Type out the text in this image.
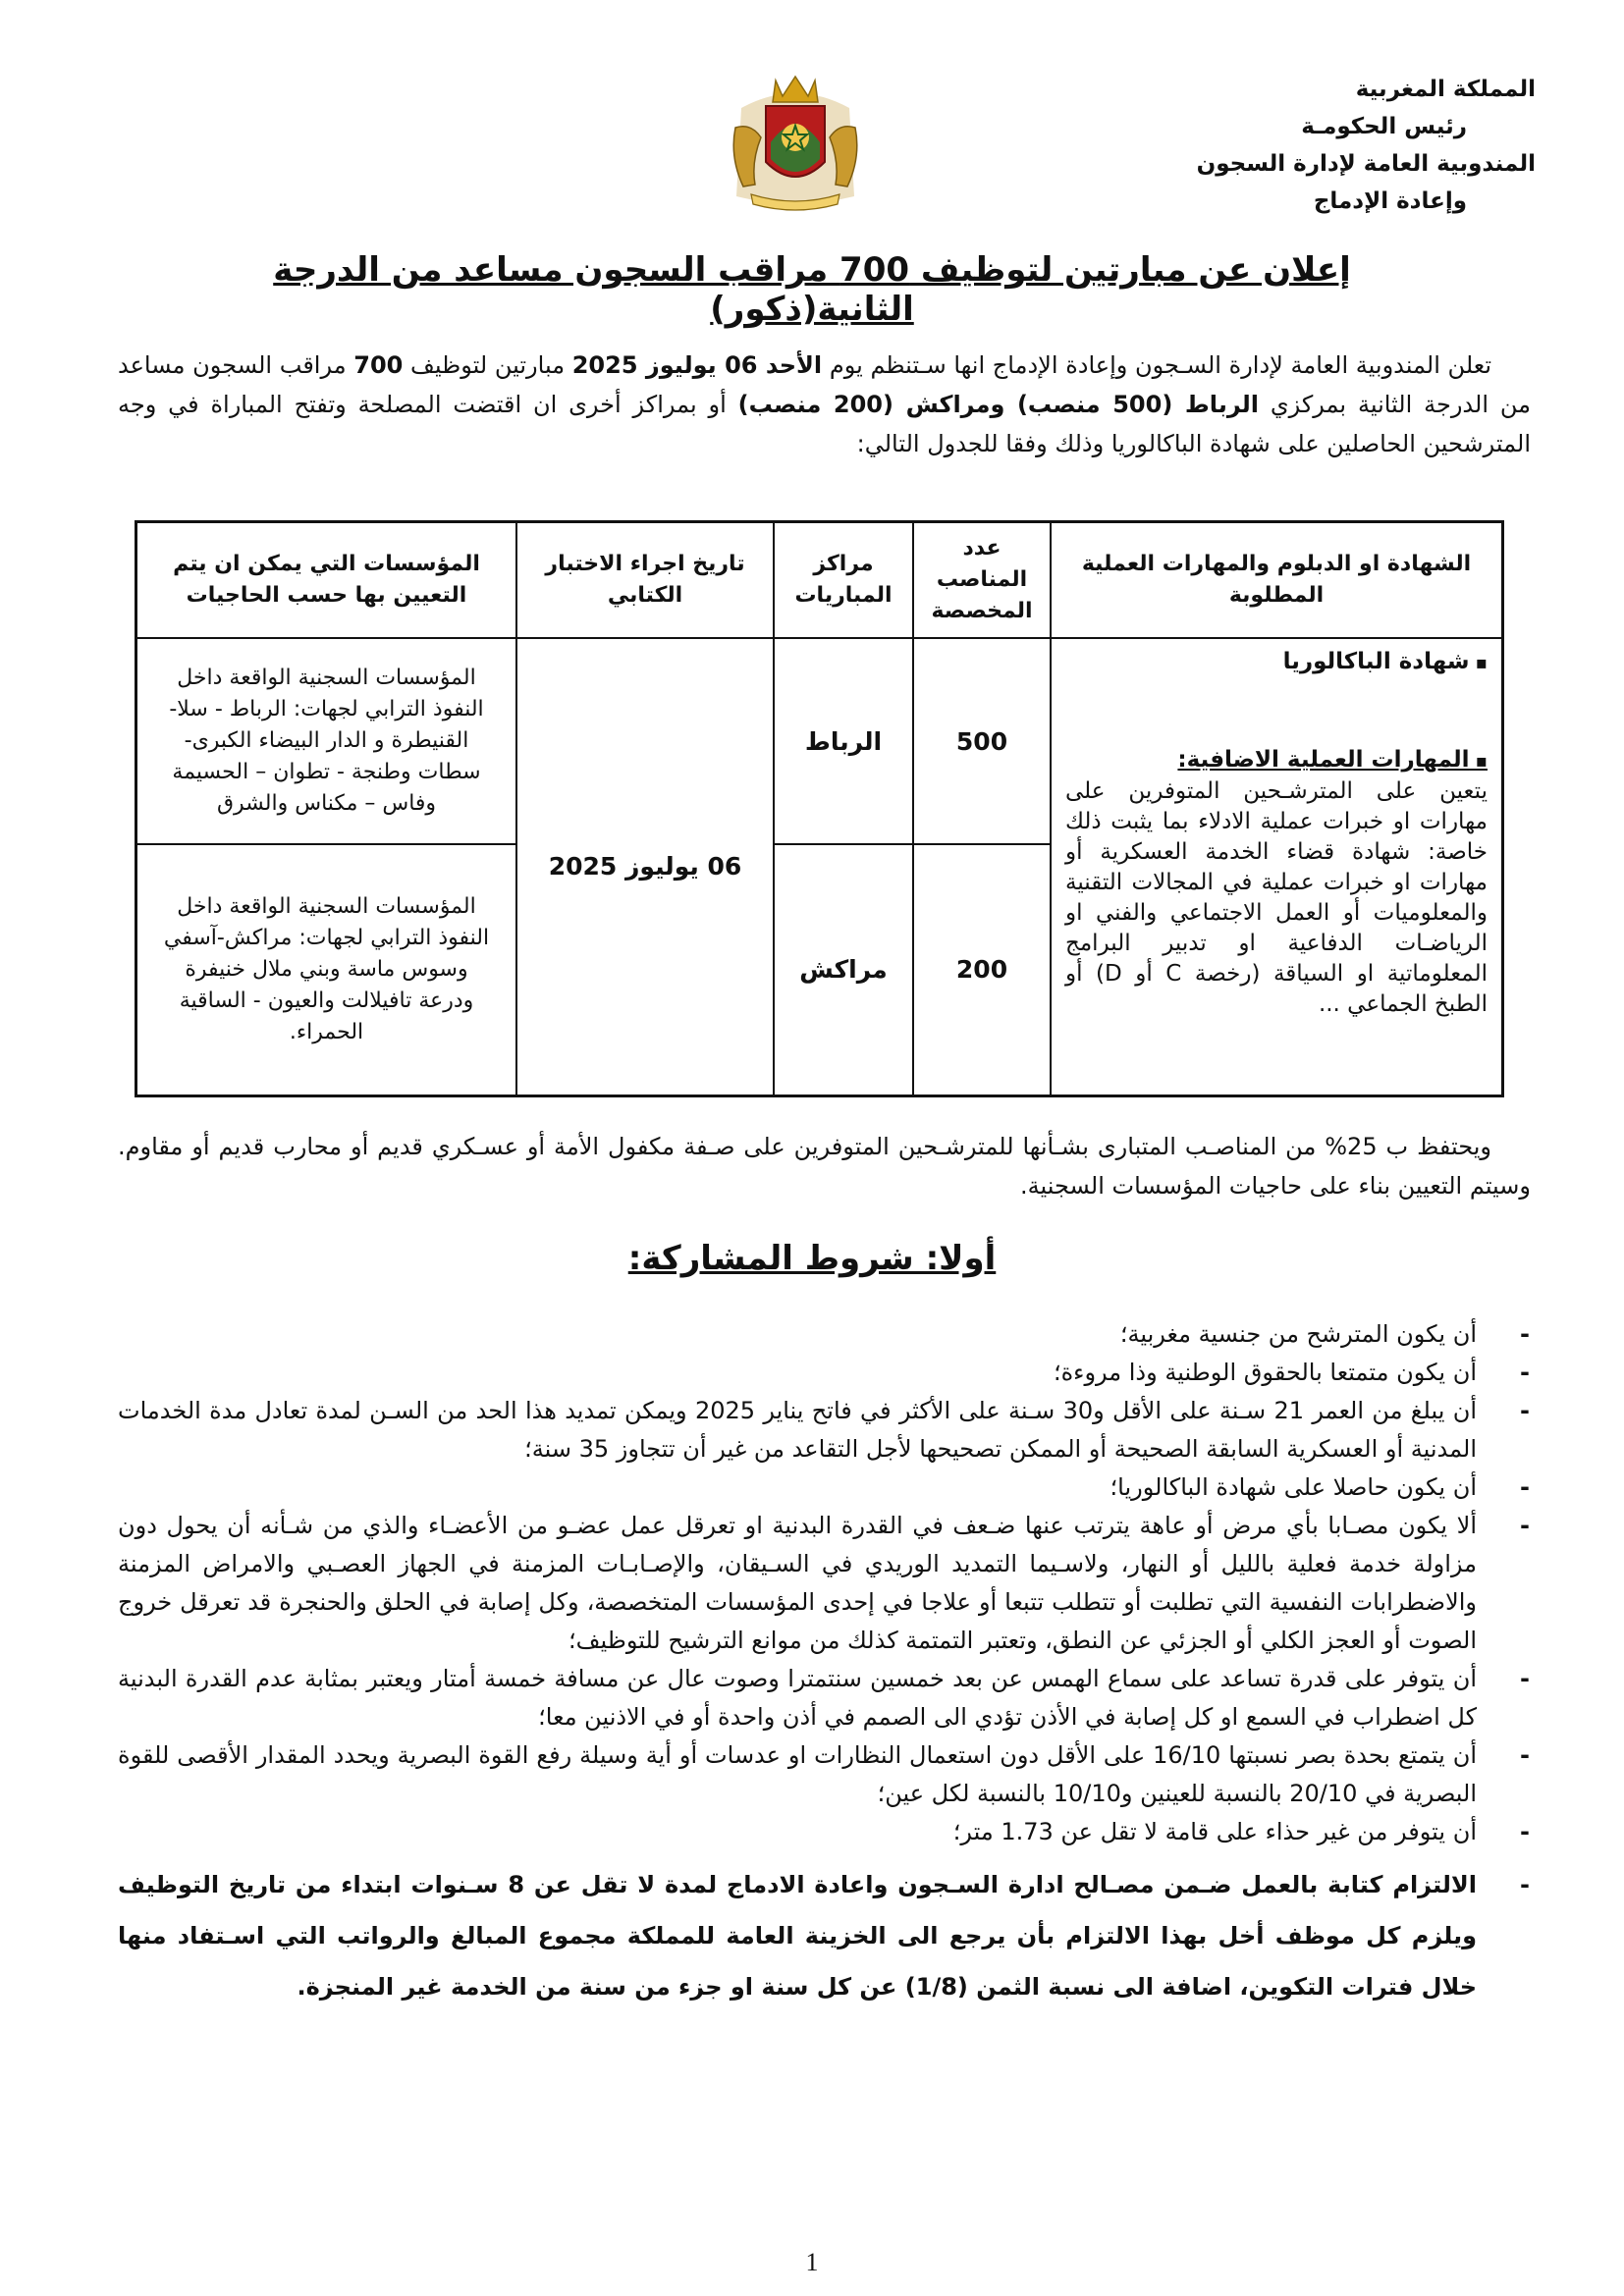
المملكة المغربية
رئيس الحكومـة
المندوبية العامة لإدارة السجون
وإعادة الإدماج
إعلان عن مبارتين لتوظيف 700 مراقب السجون مساعد من الدرجة الثانية(ذكور)
تعلن المندوبية العامة لإدارة السـجون وإعادة الإدماج انها سـتنظم يوم الأحد 06 يوليوز 2025 مبارتين لتوظيف 700 مراقب السجون مساعد من الدرجة الثانية بمركزي الرباط (500 منصب) ومراكش (200 منصب) أو بمراكز أخرى ان اقتضت المصلحة وتفتح المباراة في وجه المترشحين الحاصلين على شهادة الباكالوريا وذلك وفقا للجدول التالي:
الشهادة او الدبلوم والمهارات العملية المطلوبة	عدد المناصب المخصصة	مراكز المباريات	تاريخ اجراء الاختبار الكتابي	المؤسسات التي يمكن ان يتم التعيين بها حسب الحاجيات

▪ شهادة الباكالوريا
▪ المهارات العملية الاضافية:
يتعين على المترشـحين المتوفرين على مهارات او خبرات عملية الادلاء بما يثبت ذلك خاصة: شهادة قضاء الخدمة العسكرية أو مهارات او خبرات عملية في المجالات التقنية والمعلوميات أو العمل الاجتماعي والفني او الرياضـات الدفاعية او تدبير البرامج المعلوماتية او السياقة (رخصة C أو D) أو الطبخ الجماعي ...	500	الرباط	06 يوليوز 2025	المؤسسات السجنية الواقعة داخل النفوذ الترابي لجهات: الرباط - سلا- القنيطرة و الدار البيضاء الكبرى- سطات وطنجة - تطوان – الحسيمة وفاس – مكناس والشرق
	200	مراكش		المؤسسات السجنية الواقعة داخل النفوذ الترابي لجهات: مراكش-آسفي وسوس ماسة وبني ملال خنيفرة ودرعة تافيلالت والعيون - الساقية الحمراء.
ويحتفظ ب 25% من المناصـب المتبارى بشـأنها للمترشـحين المتوفرين على صـفة مكفول الأمة أو عسـكري قديم أو محارب قديم أو مقاوم. وسيتم التعيين بناء على حاجيات المؤسسات السجنية.
أولا: شروط المشاركة:
- أن يكون المترشح من جنسية مغربية؛
- أن يكون متمتعا بالحقوق الوطنية وذا مروءة؛
- أن يبلغ من العمر 21 سـنة على الأقل و30 سـنة على الأكثر في فاتح يناير 2025 ويمكن تمديد هذا الحد من السـن لمدة تعادل مدة الخدمات المدنية أو العسكرية السابقة الصحيحة أو الممكن تصحيحها لأجل التقاعد من غير أن تتجاوز 35 سنة؛
- أن يكون حاصلا على شهادة الباكالوريا؛
- ألا يكون مصـابا بأي مرض أو عاهة يترتب عنها ضـعف في القدرة البدنية او تعرقل عمل عضـو من الأعضـاء والذي من شـأنه أن يحول دون مزاولة خدمة فعلية بالليل أو النهار، ولاسـيما التمديد الوريدي في السـيقان، والإصـابـات المزمنة في الجهاز العصـبي والامراض المزمنة والاضطرابات النفسية التي تطلبت أو تتطلب تتبعا أو علاجا في إحدى المؤسسات المتخصصة، وكل إصابة في الحلق والحنجرة قد تعرقل خروج الصوت أو العجز الكلي أو الجزئي عن النطق، وتعتبر التمتمة كذلك من موانع الترشيح للتوظيف؛
- أن يتوفر على قدرة تساعد على سماع الهمس عن بعد خمسين سنتمترا وصوت عال عن مسافة خمسة أمتار ويعتبر بمثابة عدم القدرة البدنية كل اضطراب في السمع او كل إصابة في الأذن تؤدي الى الصمم في أذن واحدة أو في الاذنين معا؛
- أن يتمتع بحدة بصر نسبتها 16/10 على الأقل دون استعمال النظارات او عدسات أو أية وسيلة رفع القوة البصرية ويحدد المقدار الأقصى للقوة البصرية في 20/10 بالنسبة للعينين و10/10 بالنسبة لكل عين؛
- أن يتوفر من غير حذاء على قامة لا تقل عن 1.73 متر؛
- الالتزام كتابة بالعمل ضـمن مصـالح ادارة السـجون واعادة الادماج لمدة لا تقل عن 8 سـنوات ابتداء من تاريخ التوظيف ويلزم كل موظف أخل بهذا الالتزام بأن يرجع الى الخزينة العامة للمملكة مجموع المبالغ والرواتب التي اسـتفاد منها خلال فترات التكوين، اضافة الى نسبة الثمن (1/8) عن كل سنة او جزء من سنة من الخدمة غير المنجزة.
1
